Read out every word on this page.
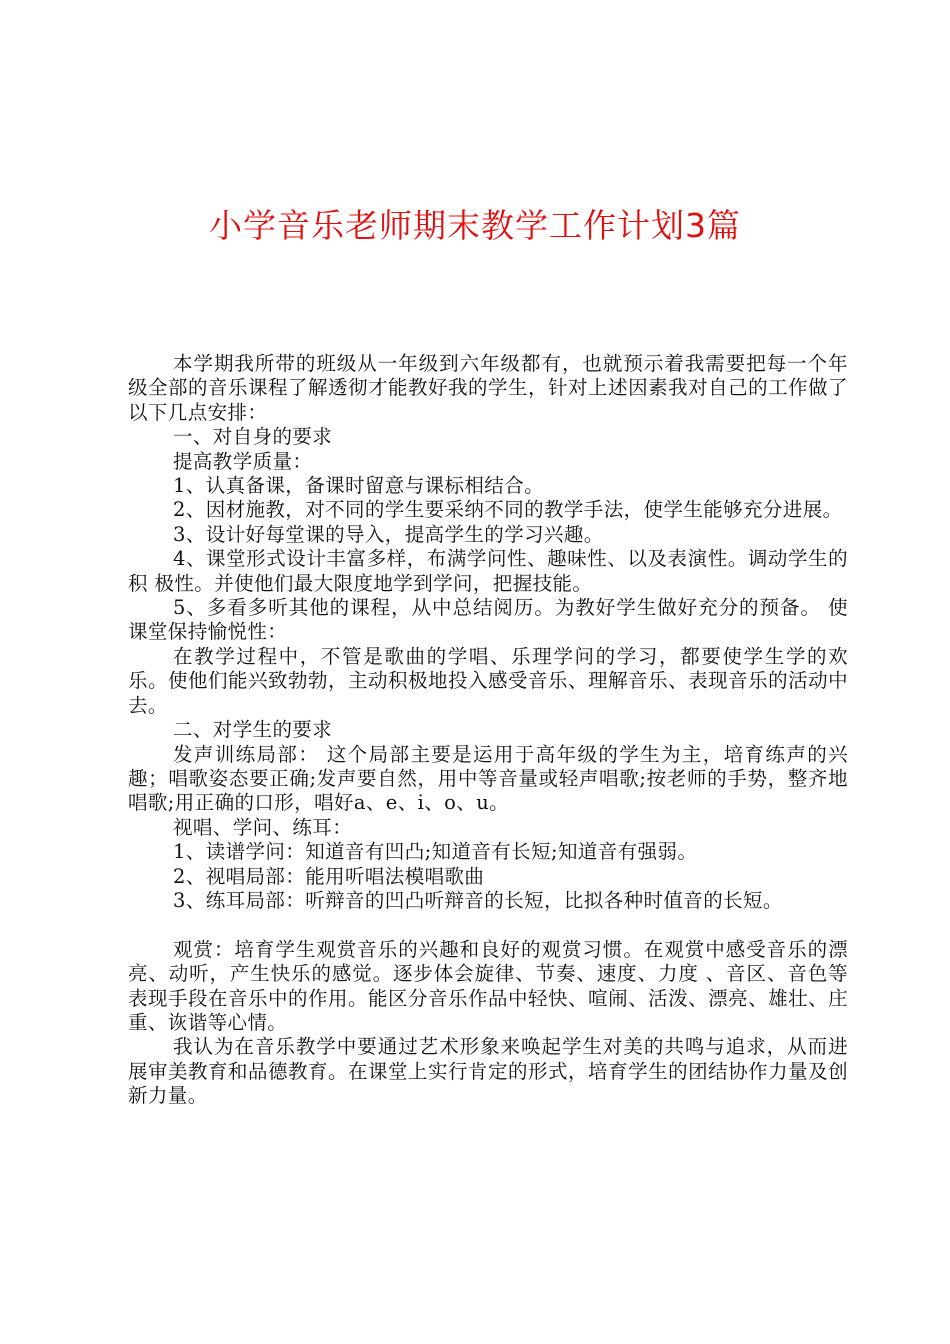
小学音乐老师期末教学工作计划3篇

本学期我所带的班级从一年级到六年级都有，也就预示着我需要把每一个年级全部的音乐课程了解透彻才能教好我的学生，针对上述因素我对自己的工作做了以下几点安排：

一、对自身的要求

提高教学质量：

1、认真备课，备课时留意与课标相结合。

2、因材施教，对不同的学生要采纳不同的教学手法，使学生能够充分进展。

3、设计好每堂课的导入，提高学生的学习兴趣。

4、课堂形式设计丰富多样，布满学问性、趣味性、以及表演性。调动学生的积 极性。并使他们最大限度地学到学问，把握技能。

5、多看多听其他的课程，从中总结阅历。为教好学生做好充分的预备。 使课堂保持愉悦性：

在教学过程中，不管是歌曲的学唱、乐理学问的学习，都要使学生学的欢乐。使他们能兴致勃勃，主动积极地投入感受音乐、理解音乐、表现音乐的活动中去。

二、对学生的要求

发声训练局部： 这个局部主要是运用于高年级的学生为主，培育练声的兴趣；唱歌姿态要正确;发声要自然，用中等音量或轻声唱歌;按老师的手势，整齐地唱歌;用正确的口形，唱好a、e、i、o、u。

视唱、学问、练耳：

1、读谱学问：知道音有凹凸;知道音有长短;知道音有强弱。

2、视唱局部：能用听唱法模唱歌曲

3、练耳局部：听辩音的凹凸听辩音的长短，比拟各种时值音的长短。

观赏：培育学生观赏音乐的兴趣和良好的观赏习惯。在观赏中感受音乐的漂亮、动听，产生快乐的感觉。逐步体会旋律、节奏、速度、力度 、音区、音色等表现手段在音乐中的作用。能区分音乐作品中轻快、喧闹、活泼、漂亮、雄壮、庄重、诙谐等心情。

我认为在音乐教学中要通过艺术形象来唤起学生对美的共鸣与追求，从而进展审美教育和品德教育。在课堂上实行肯定的形式，培育学生的团结协作力量及创新力量。
